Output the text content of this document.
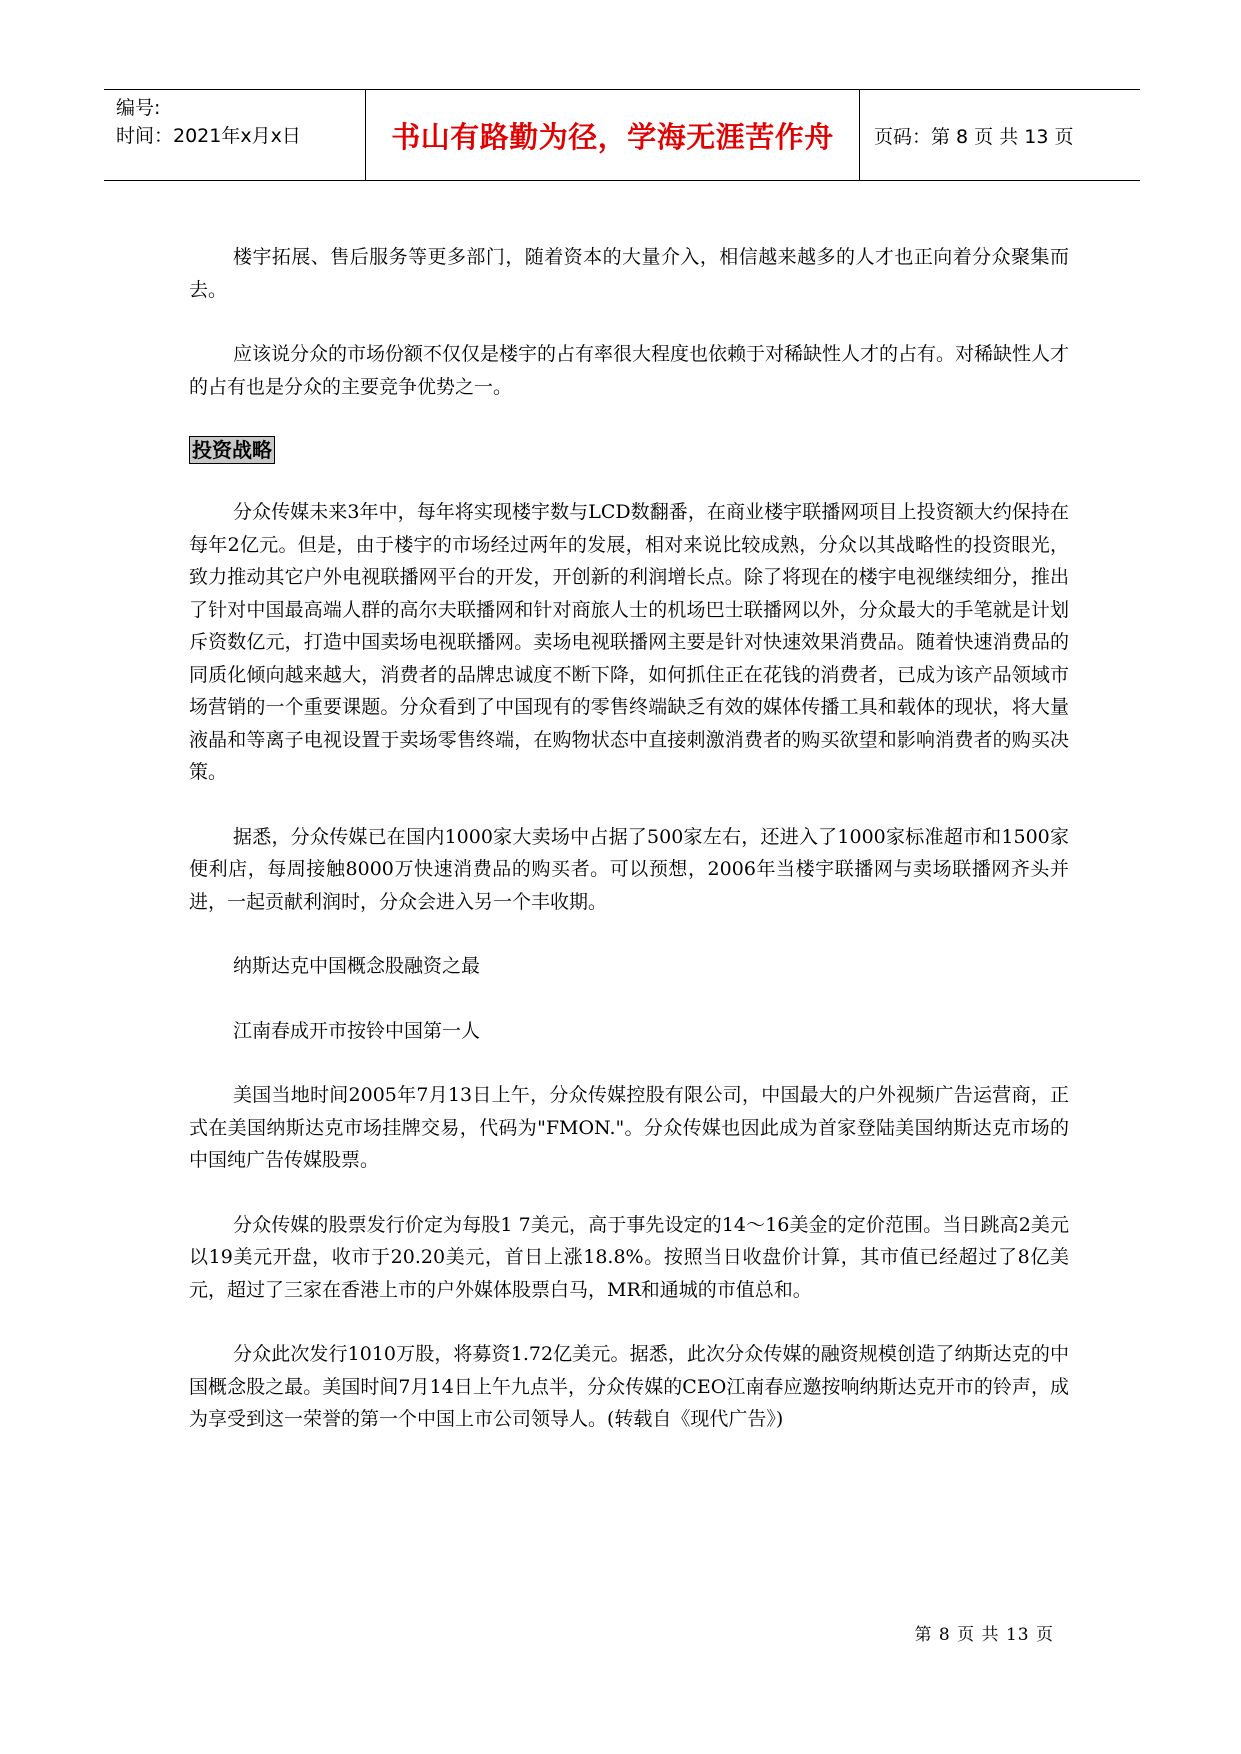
编号:
时间：2021年x月x日	书山有路勤为径，学海无涯苦作舟	页码：第 8 页 共 13 页

楼宇拓展、售后服务等更多部门，随着资本的大量介入，相信越来越多的人才也正向着分众聚集而去。

应该说分众的市场份额不仅仅是楼宇的占有率很大程度也依赖于对稀缺性人才的占有。对稀缺性人才的占有也是分众的主要竞争优势之一。

投资战略

分众传媒未来3年中，每年将实现楼宇数与LCD数翻番，在商业楼宇联播网项目上投资额大约保持在每年2亿元。但是，由于楼宇的市场经过两年的发展，相对来说比较成熟，分众以其战略性的投资眼光，致力推动其它户外电视联播网平台的开发，开创新的利润增长点。除了将现在的楼宇电视继续细分，推出了针对中国最高端人群的高尔夫联播网和针对商旅人士的机场巴士联播网以外，分众最大的手笔就是计划斥资数亿元，打造中国卖场电视联播网。卖场电视联播网主要是针对快速效果消费品。随着快速消费品的同质化倾向越来越大，消费者的品牌忠诚度不断下降，如何抓住正在花钱的消费者，已成为该产品领域市场营销的一个重要课题。分众看到了中国现有的零售终端缺乏有效的媒体传播工具和载体的现状，将大量液晶和等离子电视设置于卖场零售终端，在购物状态中直接刺激消费者的购买欲望和影响消费者的购买决策。

据悉，分众传媒已在国内1000家大卖场中占据了500家左右，还进入了1000家标准超市和1500家便利店，每周接触8000万快速消费品的购买者。可以预想，2006年当楼宇联播网与卖场联播网齐头并进，一起贡献利润时，分众会进入另一个丰收期。

纳斯达克中国概念股融资之最

江南春成开市按铃中国第一人

美国当地时间2005年7月13日上午，分众传媒控股有限公司，中国最大的户外视频广告运营商，正式在美国纳斯达克市场挂牌交易，代码为"FMON."。分众传媒也因此成为首家登陆美国纳斯达克市场的中国纯广告传媒股票。

分众传媒的股票发行价定为每股1 7美元，高于事先设定的14～16美金的定价范围。当日跳高2美元以19美元开盘，收市于20.20美元，首日上涨18.8%。按照当日收盘价计算，其市值已经超过了8亿美元，超过了三家在香港上市的户外媒体股票白马，MR和通城的市值总和。

分众此次发行1010万股，将募资1.72亿美元。据悉，此次分众传媒的融资规模创造了纳斯达克的中国概念股之最。美国时间7月14日上午九点半，分众传媒的CEO江南春应邀按响纳斯达克开市的铃声，成为享受到这一荣誉的第一个中国上市公司领导人。(转载自《现代广告》)

第 8 页 共 13 页
